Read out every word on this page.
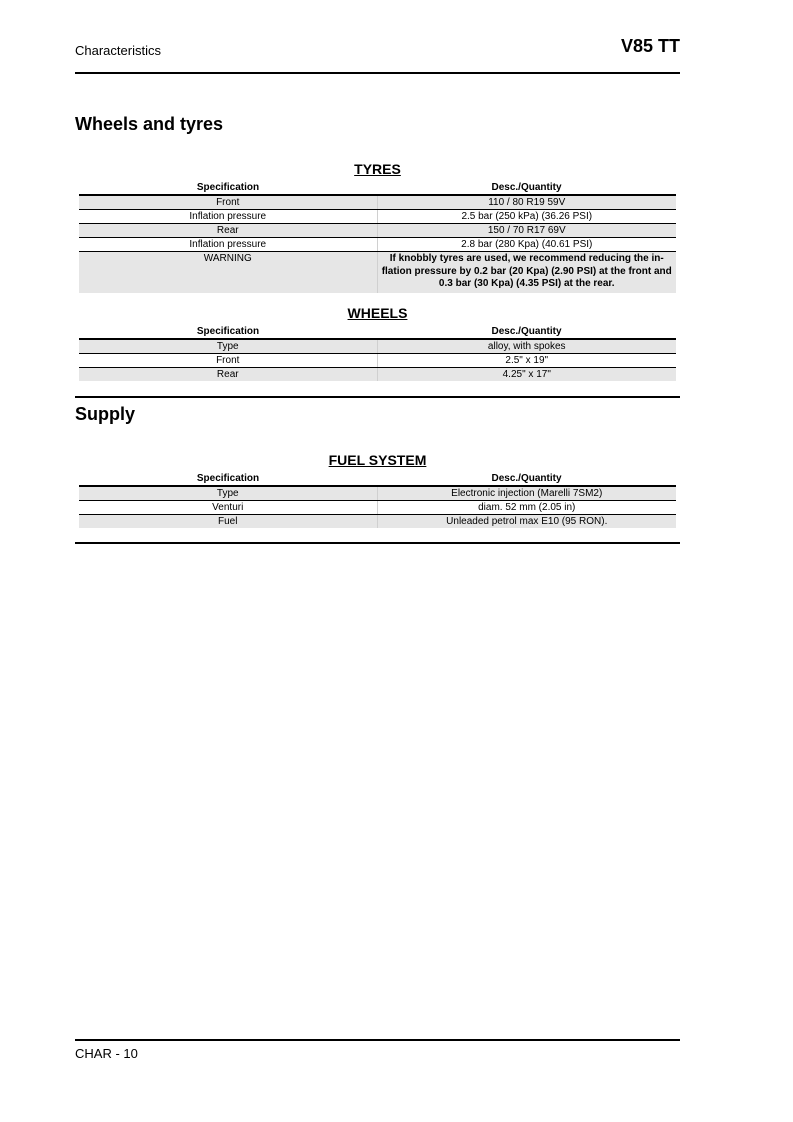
Characteristics	V85 TT
Wheels and tyres
TYRES
Specification	Desc./Quantity
Front	110 / 80 R19 59V
Inflation pressure	2.5 bar (250 kPa) (36.26 PSI)
Rear	150 / 70 R17 69V
Inflation pressure	2.8 bar (280 Kpa) (40.61 PSI)
WARNING	If knobbly tyres are used, we recommend reducing the in-flation pressure by 0.2 bar (20 Kpa) (2.90 PSI) at the front and 0.3 bar (30 Kpa) (4.35 PSI) at the rear.
WHEELS
Specification	Desc./Quantity
Type	alloy, with spokes
Front	2.5" x 19"
Rear	4.25" x 17"
Supply
FUEL SYSTEM
Specification	Desc./Quantity
Type	Electronic injection (Marelli 7SM2)
Venturi	diam. 52 mm (2.05 in)
Fuel	Unleaded petrol max E10 (95 RON).
CHAR - 10
